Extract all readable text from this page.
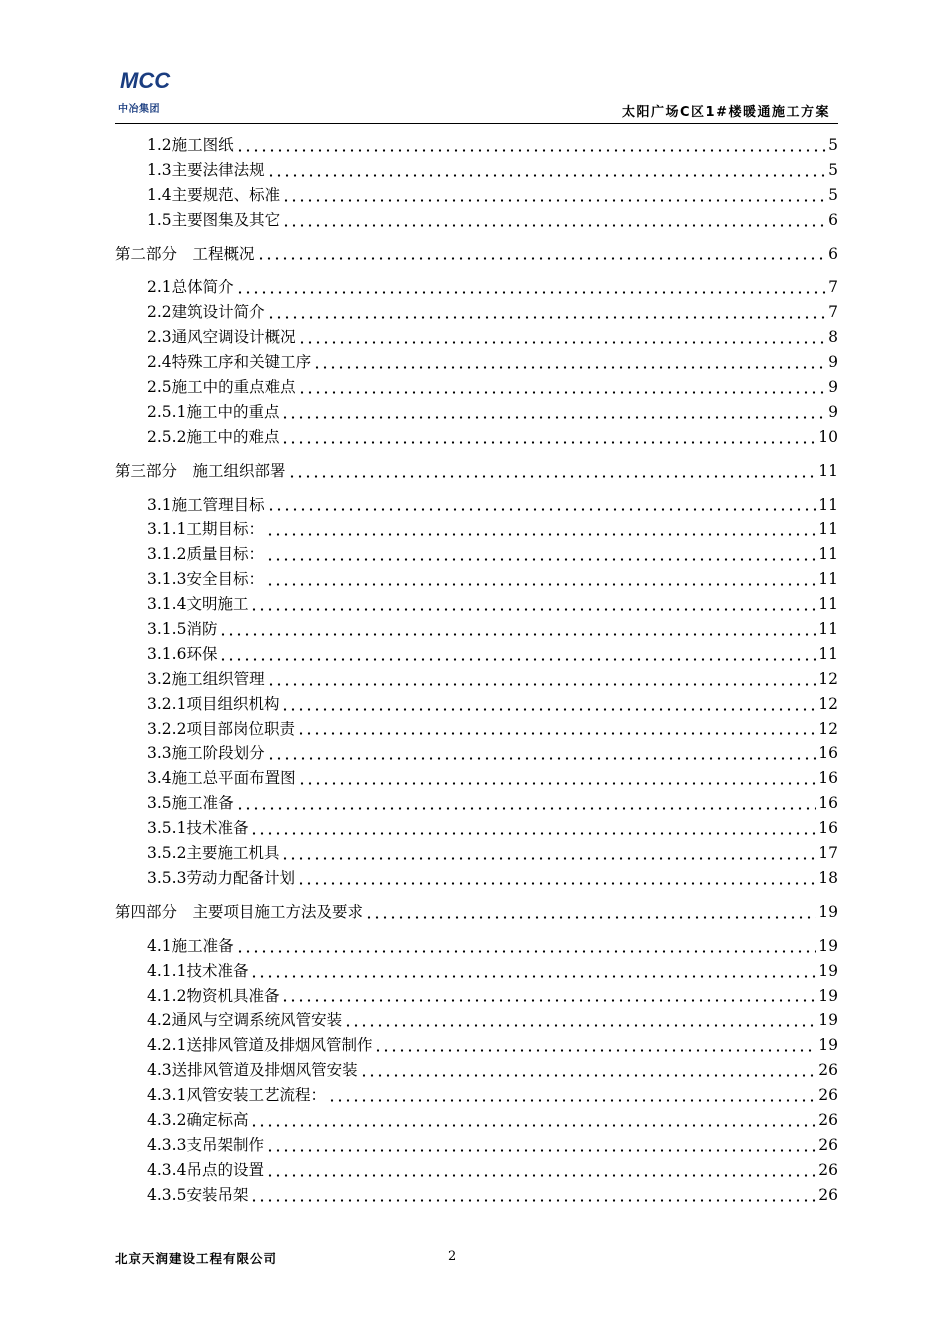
MCC
中冶集团	太阳广场C区1#楼暖通施工方案
1.2施工图纸	5
1.3主要法律法规	5
1.4主要规范、标准	5
1.5主要图集及其它	6
第二部分　工程概况	6
2.1总体简介	7
2.2建筑设计简介	7
2.3通风空调设计概况	8
2.4特殊工序和关键工序	9
2.5施工中的重点难点	9
2.5.1施工中的重点	9
2.5.2施工中的难点	10
第三部分　施工组织部署	11
3.1施工管理目标	11
3.1.1工期目标：	11
3.1.2质量目标：	11
3.1.3安全目标：	11
3.1.4文明施工	11
3.1.5消防	11
3.1.6环保	11
3.2施工组织管理	12
3.2.1项目组织机构	12
3.2.2项目部岗位职责	12
3.3施工阶段划分	16
3.4施工总平面布置图	16
3.5施工准备	16
3.5.1技术准备	16
3.5.2主要施工机具	17
3.5.3劳动力配备计划	18
第四部分　主要项目施工方法及要求	19
4.1施工准备	19
4.1.1技术准备	19
4.1.2物资机具准备	19
4.2通风与空调系统风管安装	19
4.2.1送排风管道及排烟风管制作	19
4.3送排风管道及排烟风管安装	26
4.3.1风管安装工艺流程：	26
4.3.2确定标高	26
4.3.3支吊架制作	26
4.3.4吊点的设置	26
4.3.5安装吊架	26
北京天润建设工程有限公司	2
